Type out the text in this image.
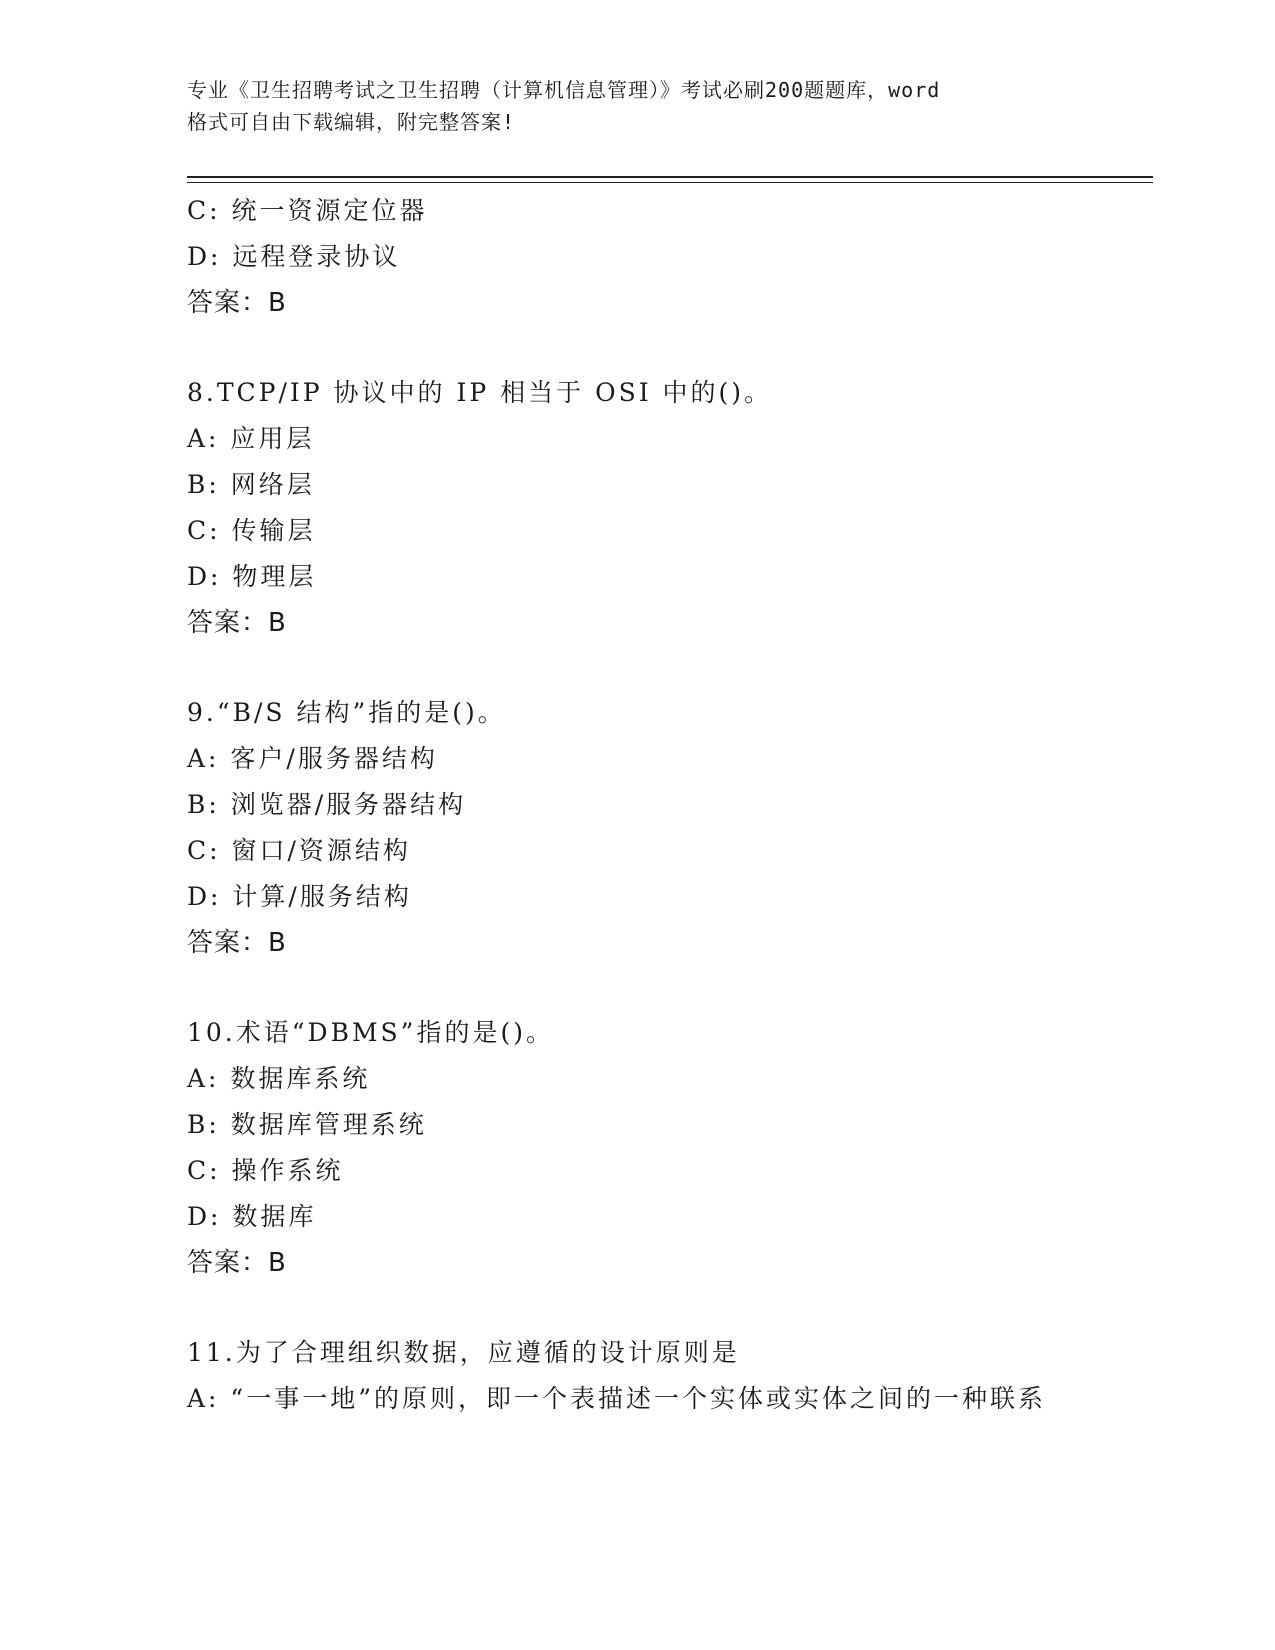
专业《卫生招聘考试之卫生招聘（计算机信息管理）》考试必刷200题题库，word
格式可自由下载编辑，附完整答案!
C: 统一资源定位器
D: 远程登录协议
答案：B
8.TCP/IP 协议中的 IP 相当于 OSI 中的()。
A: 应用层
B: 网络层
C: 传输层
D: 物理层
答案：B
9.“B/S 结构”指的是()。
A: 客户/服务器结构
B: 浏览器/服务器结构
C: 窗口/资源结构
D: 计算/服务结构
答案：B
10.术语“DBMS”指的是()。
A: 数据库系统
B: 数据库管理系统
C: 操作系统
D: 数据库
答案：B
11.为了合理组织数据，应遵循的设计原则是
A: “一事一地”的原则，即一个表描述一个实体或实体之间的一种联系
